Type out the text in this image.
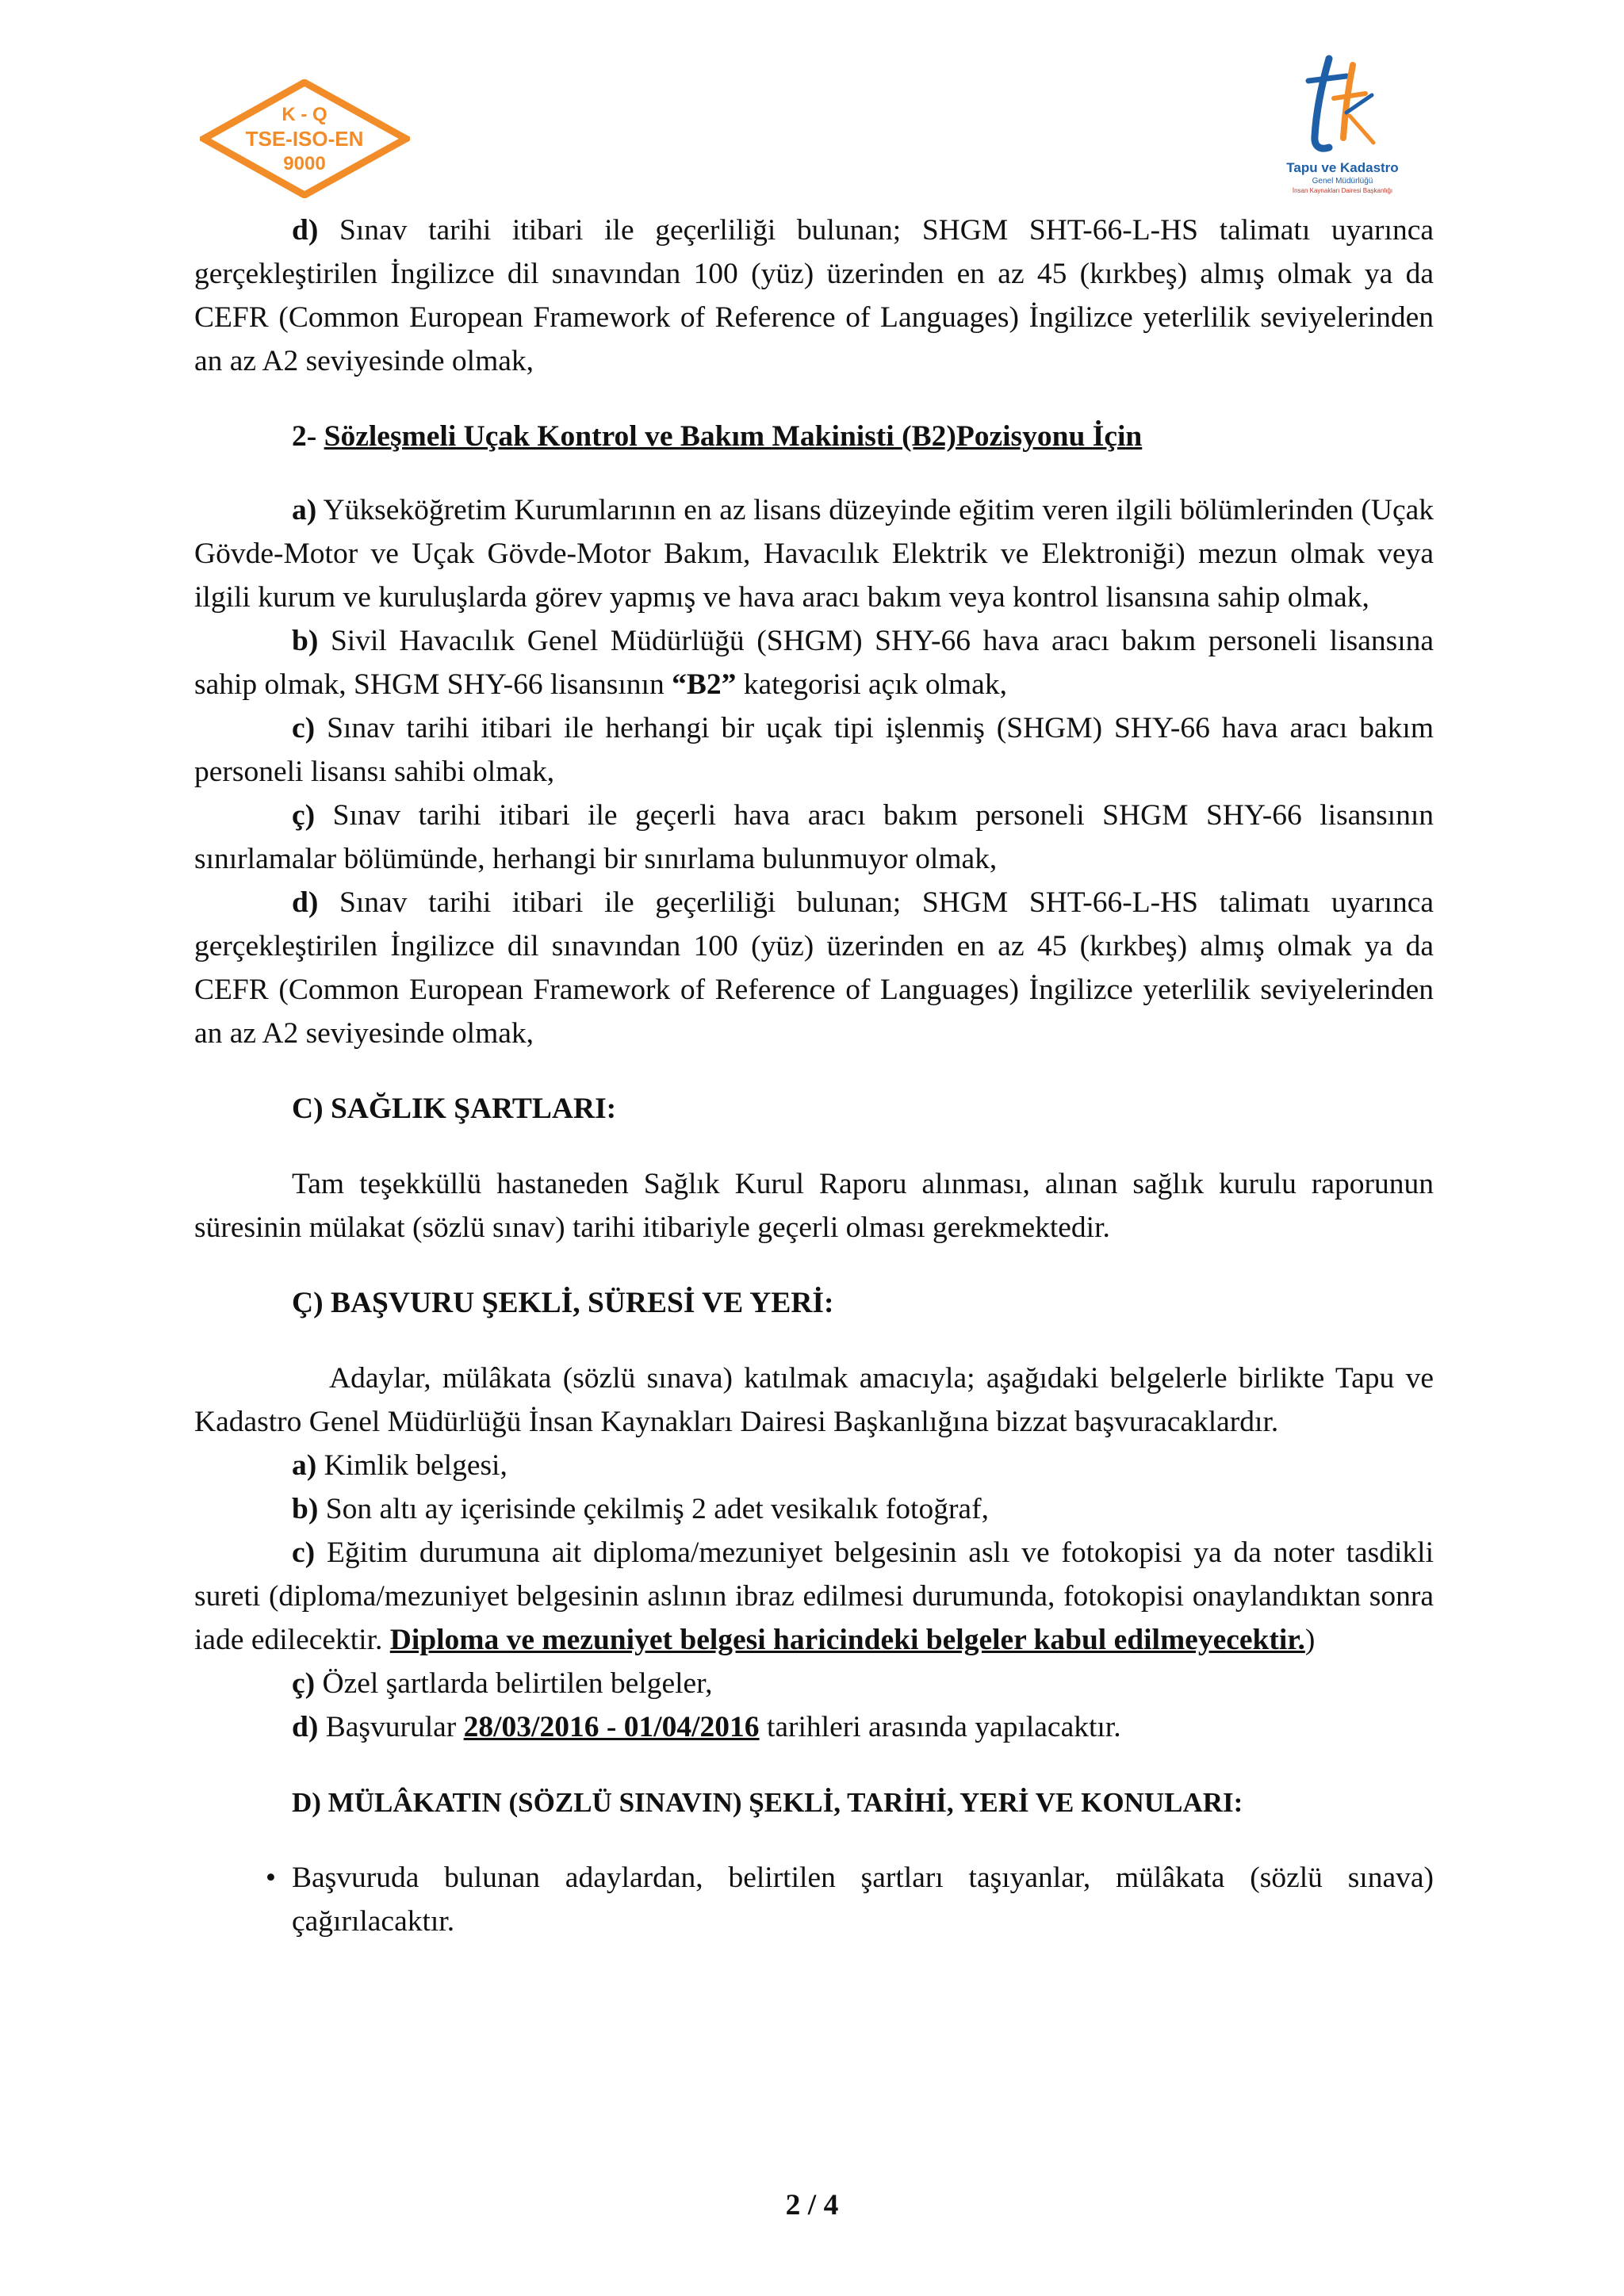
K - Q
TSE-ISO-EN
9000	Tapu ve Kadastro
Genel Müdürlüğü
İnsan Kaynakları Dairesi Başkanlığı

d) Sınav tarihi itibari ile geçerliliği bulunan; SHGM SHT-66-L-HS talimatı uyarınca gerçekleştirilen İngilizce dil sınavından 100 (yüz) üzerinden en az 45 (kırkbeş) almış olmak ya da CEFR (Common European Framework of Reference of Languages) İngilizce yeterlilik seviyelerinden an az A2 seviyesinde olmak,

2- Sözleşmeli Uçak Kontrol ve Bakım Makinisti (B2)Pozisyonu İçin

a) Yükseköğretim Kurumlarının en az lisans düzeyinde eğitim veren ilgili bölümlerinden (Uçak Gövde-Motor ve Uçak Gövde-Motor Bakım, Havacılık Elektrik ve Elektroniği) mezun olmak veya ilgili kurum ve kuruluşlarda görev yapmış ve hava aracı bakım veya kontrol lisansına sahip olmak,

b) Sivil Havacılık Genel Müdürlüğü (SHGM) SHY-66 hava aracı bakım personeli lisansına sahip olmak, SHGM SHY-66 lisansının “B2” kategorisi açık olmak,

c) Sınav tarihi itibari ile herhangi bir uçak tipi işlenmiş (SHGM) SHY-66 hava aracı bakım personeli lisansı sahibi olmak,

ç) Sınav tarihi itibari ile geçerli hava aracı bakım personeli SHGM SHY-66 lisansının sınırlamalar bölümünde, herhangi bir sınırlama bulunmuyor olmak,

d) Sınav tarihi itibari ile geçerliliği bulunan; SHGM SHT-66-L-HS talimatı uyarınca gerçekleştirilen İngilizce dil sınavından 100 (yüz) üzerinden en az 45 (kırkbeş) almış olmak ya da CEFR (Common European Framework of Reference of Languages) İngilizce yeterlilik seviyelerinden an az A2 seviyesinde olmak,

C) SAĞLIK ŞARTLARI:

Tam teşekküllü hastaneden Sağlık Kurul Raporu alınması, alınan sağlık kurulu raporunun süresinin mülakat (sözlü sınav) tarihi itibariyle geçerli olması gerekmektedir.

Ç) BAŞVURU ŞEKLİ, SÜRESİ VE YERİ:

Adaylar, mülâkata (sözlü sınava) katılmak amacıyla; aşağıdaki belgelerle birlikte Tapu ve Kadastro Genel Müdürlüğü İnsan Kaynakları Dairesi Başkanlığına bizzat başvuracaklardır.

a) Kimlik belgesi,

b) Son altı ay içerisinde çekilmiş 2 adet vesikalık fotoğraf,

c) Eğitim durumuna ait diploma/mezuniyet belgesinin aslı ve fotokopisi ya da noter tasdikli sureti (diploma/mezuniyet belgesinin aslının ibraz edilmesi durumunda, fotokopisi onaylandıktan sonra iade edilecektir. Diploma ve mezuniyet belgesi haricindeki belgeler kabul edilmeyecektir.)

ç) Özel şartlarda belirtilen belgeler,

d) Başvurular 28/03/2016 - 01/04/2016 tarihleri arasında yapılacaktır.

D) MÜLÂKATIN (SÖZLÜ SINAVIN) ŞEKLİ, TARİHİ, YERİ VE KONULARI:

• Başvuruda bulunan adaylardan, belirtilen şartları taşıyanlar, mülâkata (sözlü sınava) çağırılacaktır.
2 / 4
